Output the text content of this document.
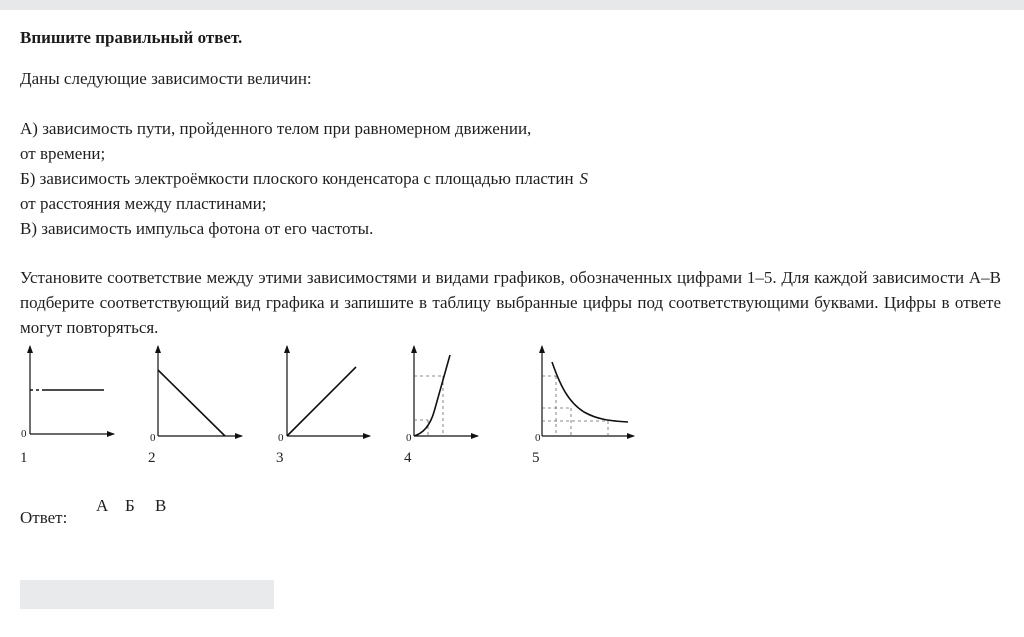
Впишите правильный ответ.
Даны следующие зависимости величин:
А) зависимость пути, пройденного телом при равномерном движении,
от времени;
Б) зависимость электроёмкости плоского конденсатора с площадью пластин S
от расстояния между пластинами;
В) зависимость импульса фотона от его частоты.
Установите соответствие между этими зависимостями и видами графиков, обозначенных цифрами 1–5. Для каждой зависимости А–В подберите соответствующий вид графика и запишите в таблицу выбранные цифры под соответствующими буквами. Цифры в ответе могут повторяться.
0
1
0
2
0
3
0
4
0
5
Ответ:
А Б В
